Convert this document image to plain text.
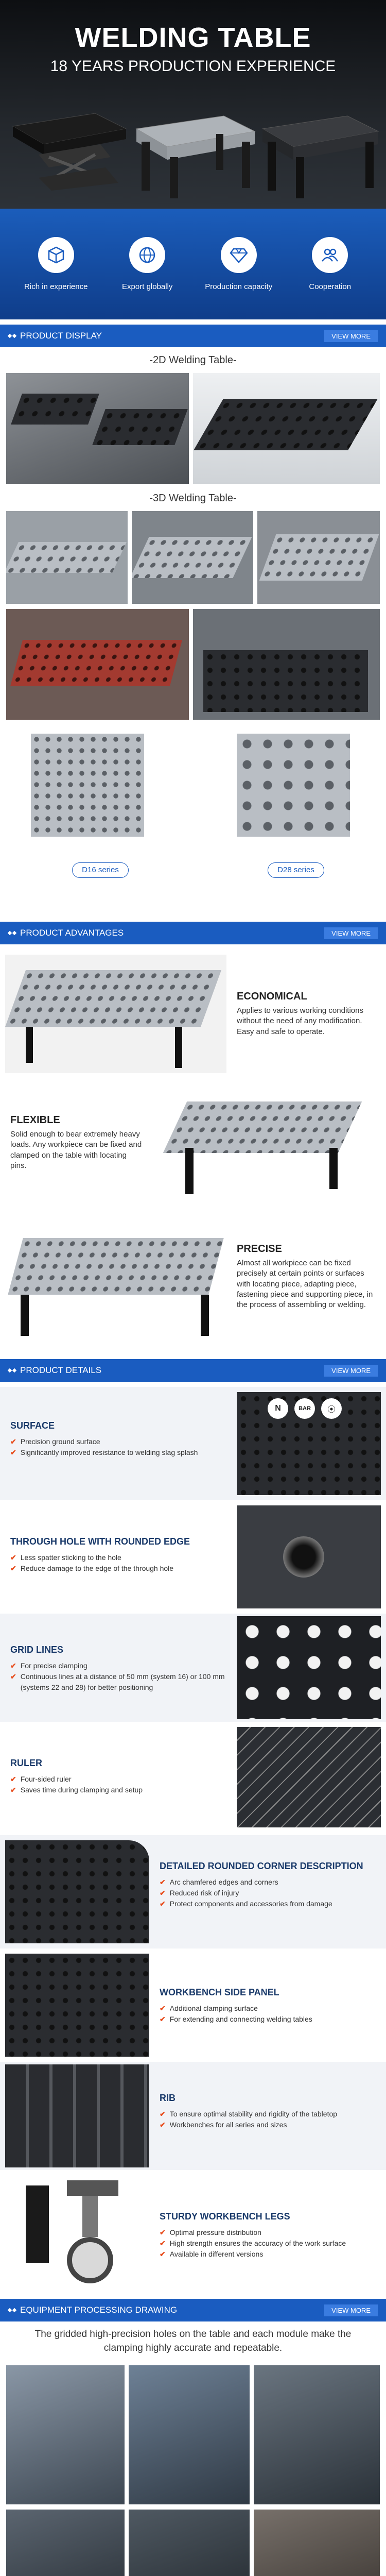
WELDING TABLE
18 YEARS PRODUCTION EXPERIENCE
Rich in experience	Export globally	Production capacity	Cooperation
PRODUCT DISPLAY	VIEW MORE
-2D Welding Table-
-3D Welding Table-
D16 series	D28 series
PRODUCT ADVANTAGES	VIEW MORE
ECONOMICAL
Applies to various working conditions without the need of any modification. Easy and safe to operate.
FLEXIBLE
Solid enough to bear extremely heavy loads. Any workpiece can be fixed and clamped on the table with locating pins.
PRECISE
Almost all workpiece can be fixed precisely at certain points or surfaces with locating piece, adapting piece, fastening piece and supporting piece, in the process of assembling or welding.
PRODUCT DETAILS	VIEW MORE
SURFACE
✔ Precision ground surface
✔ Significantly improved resistance to welding slag splash
N	BAR	⦿
THROUGH HOLE WITH ROUNDED EDGE
✔ Less spatter sticking to the hole
✔ Reduce damage to the edge of the through hole
GRID LINES
✔ For precise clamping
✔ Continuous lines at a distance of 50 mm (system 16) or 100 mm (systems 22 and 28) for better positioning
RULER
✔ Four-sided ruler
✔ Saves time during clamping and setup
DETAILED ROUNDED CORNER DESCRIPTION
✔ Arc chamfered edges and corners
✔ Reduced risk of injury
✔ Protect components and accessories from damage
WORKBENCH SIDE PANEL
✔ Additional clamping surface
✔ For extending and connecting welding tables
RIB
✔ To ensure optimal stability and rigidity of the tabletop
✔ Workbenches for all series and sizes
STURDY WORKBENCH LEGS
✔ Optimal pressure distribution
✔ High strength ensures the accuracy of the work surface
✔ Available in different versions
EQUIPMENT PROCESSING DRAWING	VIEW MORE
The gridded high-precision holes on the table and each module make the clamping highly accurate and repeatable.
